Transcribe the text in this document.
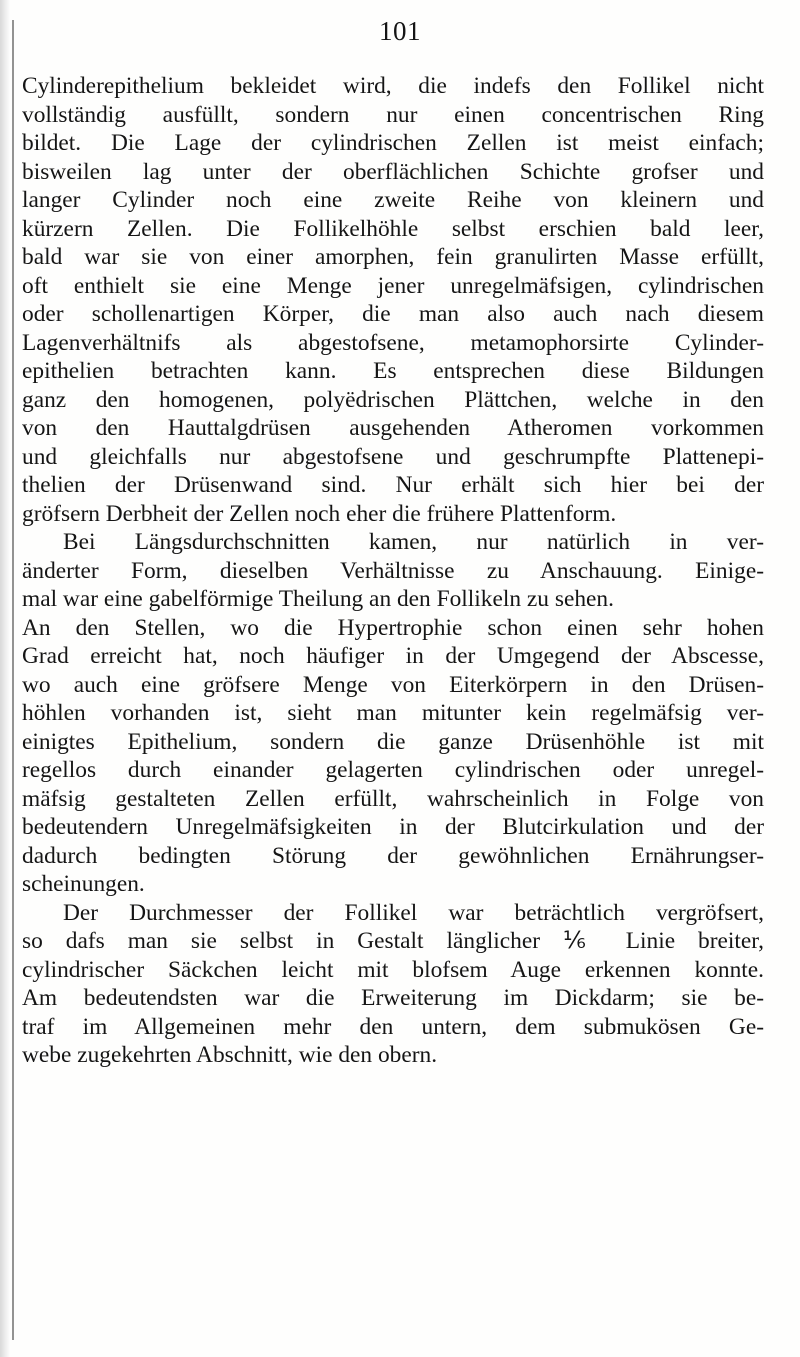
101
Cylinderepithelium bekleidet wird, die indefs den Follikel nicht
vollständig ausfüllt, sondern nur einen concentrischen Ring
bildet. Die Lage der cylindrischen Zellen ist meist einfach;
bisweilen lag unter der oberflächlichen Schichte grofser und
langer Cylinder noch eine zweite Reihe von kleinern und
kürzern Zellen. Die Follikelhöhle selbst erschien bald leer,
bald war sie von einer amorphen, fein granulirten Masse erfüllt,
oft enthielt sie eine Menge jener unregelmäfsigen, cylindrischen
oder schollenartigen Körper, die man also auch nach diesem
Lagenverhältnifs als abgestofsene, metamophorsirte Cylinder-
epithelien betrachten kann. Es entsprechen diese Bildungen
ganz den homogenen, polyëdrischen Plättchen, welche in den
von den Hauttalgdrüsen ausgehenden Atheromen vorkommen
und gleichfalls nur abgestofsene und geschrumpfte Plattenepi-
thelien der Drüsenwand sind. Nur erhält sich hier bei der
gröfsern Derbheit der Zellen noch eher die frühere Plattenform.
Bei Längsdurchschnitten kamen, nur natürlich in ver-
änderter Form, dieselben Verhältnisse zu Anschauung. Einige-
mal war eine gabelförmige Theilung an den Follikeln zu sehen.
An den Stellen, wo die Hypertrophie schon einen sehr hohen
Grad erreicht hat, noch häufiger in der Umgegend der Abscesse,
wo auch eine gröfsere Menge von Eiterkörpern in den Drüsen-
höhlen vorhanden ist, sieht man mitunter kein regelmäfsig ver-
einigtes Epithelium, sondern die ganze Drüsenhöhle ist mit
regellos durch einander gelagerten cylindrischen oder unregel-
mäfsig gestalteten Zellen erfüllt, wahrscheinlich in Folge von
bedeutendern Unregelmäfsigkeiten in der Blutcirkulation und der
dadurch bedingten Störung der gewöhnlichen Ernährungser-
scheinungen.
Der Durchmesser der Follikel war beträchtlich vergröfsert,
so dafs man sie selbst in Gestalt länglicher ⅙ Linie breiter,
cylindrischer Säckchen leicht mit blofsem Auge erkennen konnte.
Am bedeutendsten war die Erweiterung im Dickdarm; sie be-
traf im Allgemeinen mehr den untern, dem submukösen Ge-
webe zugekehrten Abschnitt, wie den obern.
